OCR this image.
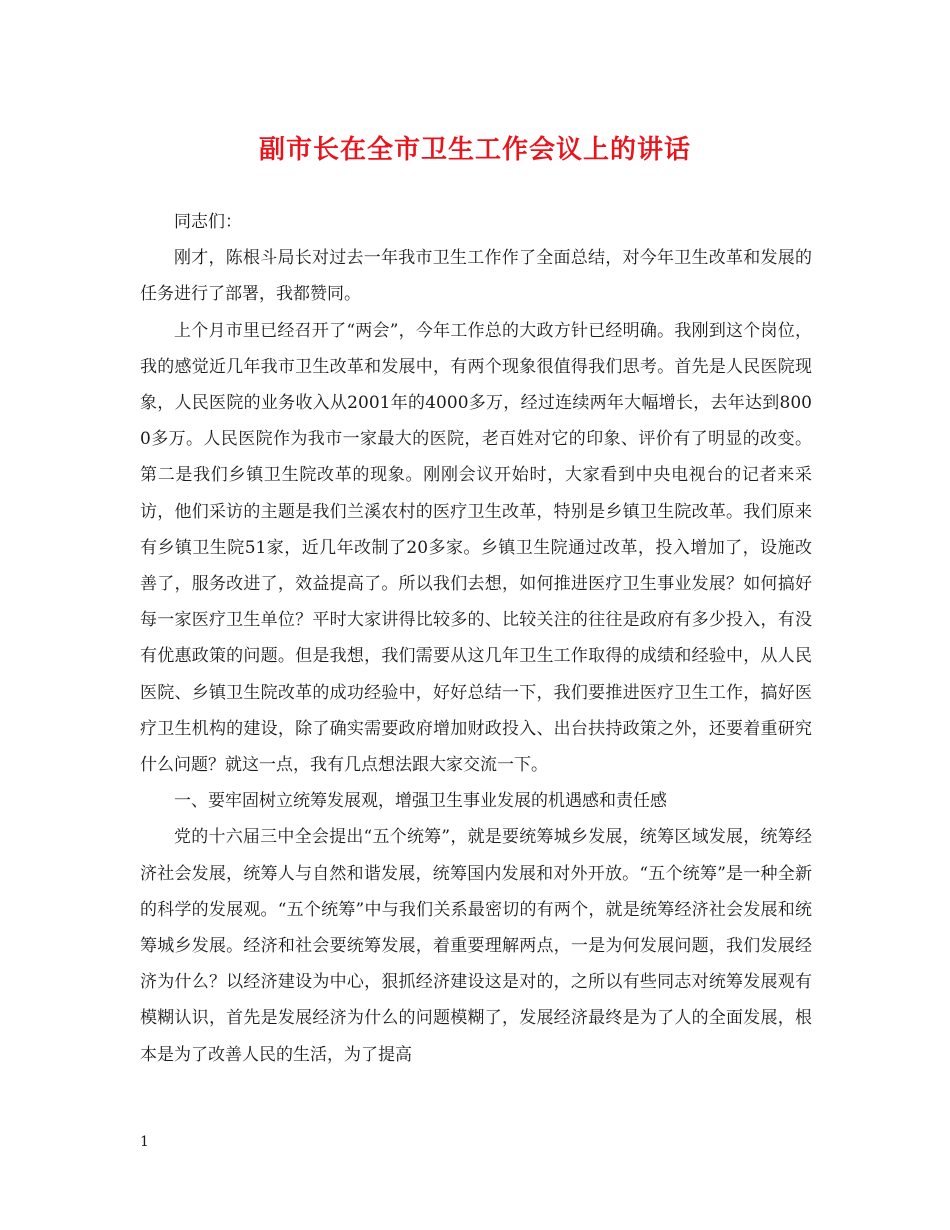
副市长在全市卫生工作会议上的讲话

同志们：

刚才，陈根斗局长对过去一年我市卫生工作作了全面总结，对今年卫生改革和发展的任务进行了部署，我都赞同。

上个月市里已经召开了“两会”，今年工作总的大政方针已经明确。我刚到这个岗位，我的感觉近几年我市卫生改革和发展中，有两个现象很值得我们思考。首先是人民医院现象，人民医院的业务收入从2001年的4000多万，经过连续两年大幅增长，去年达到8000多万。人民医院作为我市一家最大的医院，老百姓对它的印象、评价有了明显的改变。第二是我们乡镇卫生院改革的现象。刚刚会议开始时，大家看到中央电视台的记者来采访，他们采访的主题是我们兰溪农村的医疗卫生改革，特别是乡镇卫生院改革。我们原来有乡镇卫生院51家，近几年改制了20多家。乡镇卫生院通过改革，投入增加了，设施改善了，服务改进了，效益提高了。所以我们去想，如何推进医疗卫生事业发展？如何搞好每一家医疗卫生单位？平时大家讲得比较多的、比较关注的往往是政府有多少投入，有没有优惠政策的问题。但是我想，我们需要从这几年卫生工作取得的成绩和经验中，从人民医院、乡镇卫生院改革的成功经验中，好好总结一下，我们要推进医疗卫生工作，搞好医疗卫生机构的建设，除了确实需要政府增加财政投入、出台扶持政策之外，还要着重研究什么问题？就这一点，我有几点想法跟大家交流一下。

一、要牢固树立统筹发展观，增强卫生事业发展的机遇感和责任感

党的十六届三中全会提出“五个统筹”，就是要统筹城乡发展，统筹区域发展，统筹经济社会发展，统筹人与自然和谐发展，统筹国内发展和对外开放。“五个统筹”是一种全新的科学的发展观。“五个统筹”中与我们关系最密切的有两个，就是统筹经济社会发展和统筹城乡发展。经济和社会要统筹发展，着重要理解两点，一是为何发展问题，我们发展经济为什么？以经济建设为中心，狠抓经济建设这是对的，之所以有些同志对统筹发展观有模糊认识，首先是发展经济为什么的问题模糊了，发展经济最终是为了人的全面发展，根本是为了改善人民的生活，为了提高

1
